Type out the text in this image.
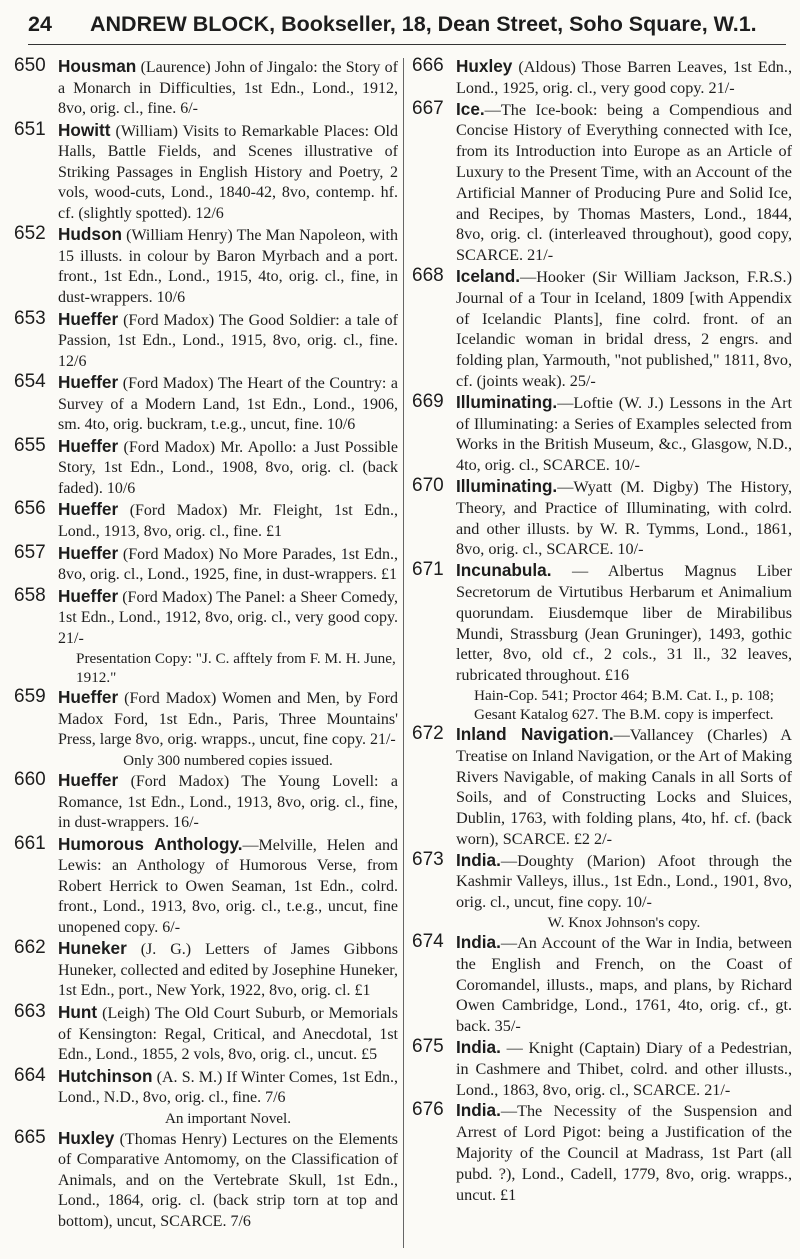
24 ANDREW BLOCK, Bookseller, 18, Dean Street, Soho Square, W.1.
650 Housman (Laurence) John of Jingalo: the Story of a Monarch in Difficulties, 1st Edn., Lond., 1912, 8vo, orig. cl., fine. 6/-
651 Howitt (William) Visits to Remarkable Places: Old Halls, Battle Fields, and Scenes illustrative of Striking Passages in English History and Poetry, 2 vols, wood-cuts, Lond., 1840-42, 8vo, contemp. hf. cf. (slightly spotted). 12/6
652 Hudson (William Henry) The Man Napoleon, with 15 illusts. in colour by Baron Myrbach and a port. front., 1st Edn., Lond., 1915, 4to, orig. cl., fine, in dust-wrappers. 10/6
653 Hueffer (Ford Madox) The Good Soldier: a tale of Passion, 1st Edn., Lond., 1915, 8vo, orig. cl., fine. 12/6
654 Hueffer (Ford Madox) The Heart of the Country: a Survey of a Modern Land, 1st Edn., Lond., 1906, sm. 4to, orig. buckram, t.e.g., uncut, fine. 10/6
655 Hueffer (Ford Madox) Mr. Apollo: a Just Possible Story, 1st Edn., Lond., 1908, 8vo, orig. cl. (back faded). 10/6
656 Hueffer (Ford Madox) Mr. Fleight, 1st Edn., Lond., 1913, 8vo, orig. cl., fine. £1
657 Hueffer (Ford Madox) No More Parades, 1st Edn., 8vo, orig. cl., Lond., 1925, fine, in dust-wrappers. £1
658 Hueffer (Ford Madox) The Panel: a Sheer Comedy, 1st Edn., Lond., 1912, 8vo, orig. cl., very good copy. 21/-
Presentation Copy: "J. C. afftely from F. M. H. June, 1912."
659 Hueffer (Ford Madox) Women and Men, by Ford Madox Ford, 1st Edn., Paris, Three Mountains' Press, large 8vo, orig. wrapps., uncut, fine copy. 21/-
Only 300 numbered copies issued.
660 Hueffer (Ford Madox) The Young Lovell: a Romance, 1st Edn., Lond., 1913, 8vo, orig. cl., fine, in dust-wrappers. 16/-
661 Humorous Anthology.—Melville, Helen and Lewis: an Anthology of Humorous Verse, from Robert Herrick to Owen Seaman, 1st Edn., colrd. front., Lond., 1913, 8vo, orig. cl., t.e.g., uncut, fine unopened copy. 6/-
662 Huneker (J. G.) Letters of James Gibbons Huneker, collected and edited by Josephine Huneker, 1st Edn., port., New York, 1922, 8vo, orig. cl. £1
663 Hunt (Leigh) The Old Court Suburb, or Memorials of Kensington: Regal, Critical, and Anecdotal, 1st Edn., Lond., 1855, 2 vols, 8vo, orig. cl., uncut. £5
664 Hutchinson (A. S. M.) If Winter Comes, 1st Edn., Lond., N.D., 8vo, orig. cl., fine. 7/6
An important Novel.
665 Huxley (Thomas Henry) Lectures on the Elements of Comparative Antomomy, on the Classification of Animals, and on the Vertebrate Skull, 1st Edn., Lond., 1864, orig. cl. (back strip torn at top and bottom), uncut, SCARCE. 7/6
666 Huxley (Aldous) Those Barren Leaves, 1st Edn., Lond., 1925, orig. cl., very good copy. 21/-
667 Ice.—The Ice-book: being a Compendious and Concise History of Everything connected with Ice, from its Introduction into Europe as an Article of Luxury to the Present Time, with an Account of the Artificial Manner of Producing Pure and Solid Ice, and Recipes, by Thomas Masters, Lond., 1844, 8vo, orig. cl. (interleaved throughout), good copy, SCARCE. 21/-
668 Iceland.—Hooker (Sir William Jackson, F.R.S.) Journal of a Tour in Iceland, 1809 [with Appendix of Icelandic Plants], fine colrd. front. of an Icelandic woman in bridal dress, 2 engrs. and folding plan, Yarmouth, "not published," 1811, 8vo, cf. (joints weak). 25/-
669 Illuminating.—Loftie (W. J.) Lessons in the Art of Illuminating: a Series of Examples selected from Works in the British Museum, &c., Glasgow, N.D., 4to, orig. cl., SCARCE. 10/-
670 Illuminating.—Wyatt (M. Digby) The History, Theory, and Practice of Illuminating, with colrd. and other illusts. by W. R. Tymms, Lond., 1861, 8vo, orig. cl., SCARCE. 10/-
671 Incunabula. — Albertus Magnus Liber Secretorum de Virtutibus Herbarum et Animalium quorundam. Eiusdemque liber de Mirabilibus Mundi, Strassburg (Jean Gruninger), 1493, gothic letter, 8vo, old cf., 2 cols., 31 ll., 32 leaves, rubricated throughout. £16
Hain-Cop. 541; Proctor 464; B.M. Cat. I., p. 108; Gesant Katalog 627. The B.M. copy is imperfect.
672 Inland Navigation.—Vallancey (Charles) A Treatise on Inland Navigation, or the Art of Making Rivers Navigable, of making Canals in all Sorts of Soils, and of Constructing Locks and Sluices, Dublin, 1763, with folding plans, 4to, hf. cf. (back worn), SCARCE. £2 2/-
673 India.—Doughty (Marion) Afoot through the Kashmir Valleys, illus., 1st Edn., Lond., 1901, 8vo, orig. cl., uncut, fine copy. 10/-
W. Knox Johnson's copy.
674 India.—An Account of the War in India, between the English and French, on the Coast of Coromandel, illusts., maps, and plans, by Richard Owen Cambridge, Lond., 1761, 4to, orig. cf., gt. back. 35/-
675 India. — Knight (Captain) Diary of a Pedestrian, in Cashmere and Thibet, colrd. and other illusts., Lond., 1863, 8vo, orig. cl., SCARCE. 21/-
676 India.—The Necessity of the Suspension and Arrest of Lord Pigot: being a Justification of the Majority of the Council at Madrass, 1st Part (all pubd. ?), Lond., Cadell, 1779, 8vo, orig. wrapps., uncut. £1
